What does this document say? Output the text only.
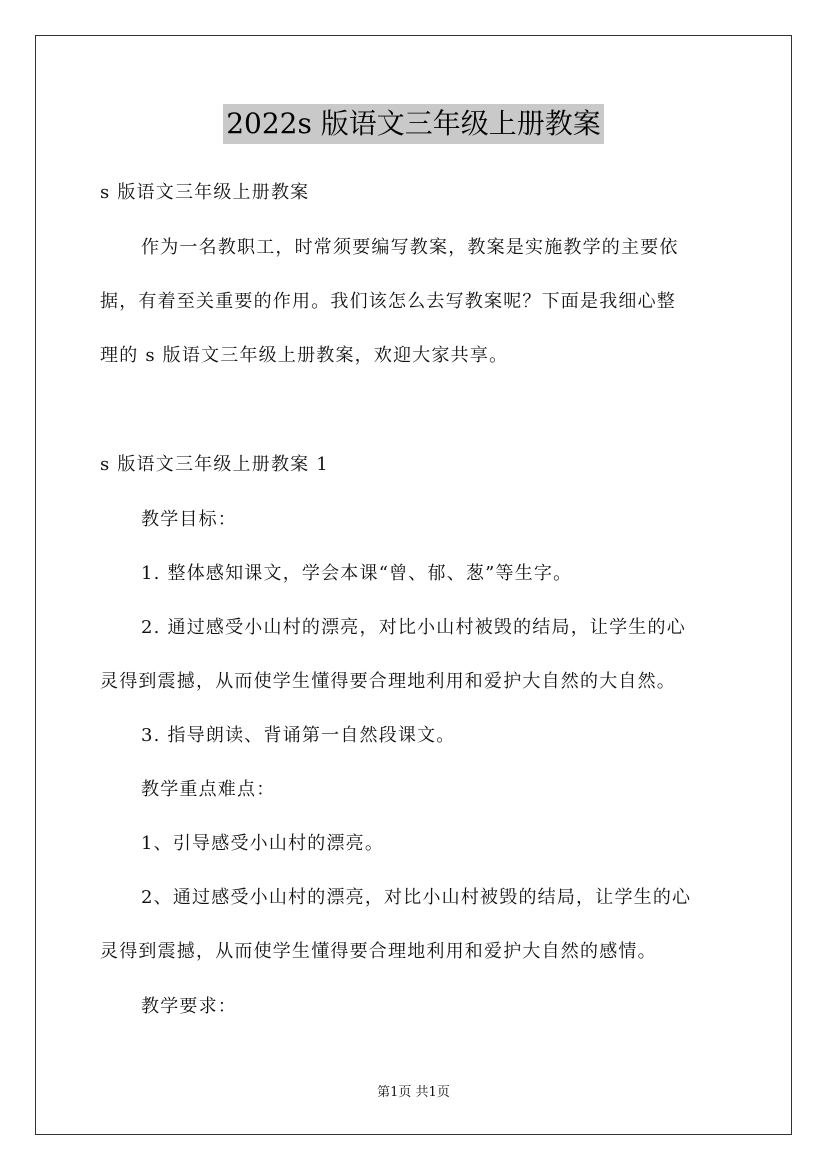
2022s 版语文三年级上册教案
s 版语文三年级上册教案
作为一名教职工，时常须要编写教案，教案是实施教学的主要依
据，有着至关重要的作用。我们该怎么去写教案呢？下面是我细心整
理的 s 版语文三年级上册教案，欢迎大家共享。
s 版语文三年级上册教案 1
教学目标：
1. 整体感知课文，学会本课“曾、郁、葱”等生字。
2. 通过感受小山村的漂亮，对比小山村被毁的结局，让学生的心
灵得到震撼，从而使学生懂得要合理地利用和爱护大自然的大自然。
3. 指导朗读、背诵第一自然段课文。
教学重点难点：
1、引导感受小山村的漂亮。
2、通过感受小山村的漂亮，对比小山村被毁的结局，让学生的心
灵得到震撼，从而使学生懂得要合理地利用和爱护大自然的感情。
教学要求：
第1页 共1页
